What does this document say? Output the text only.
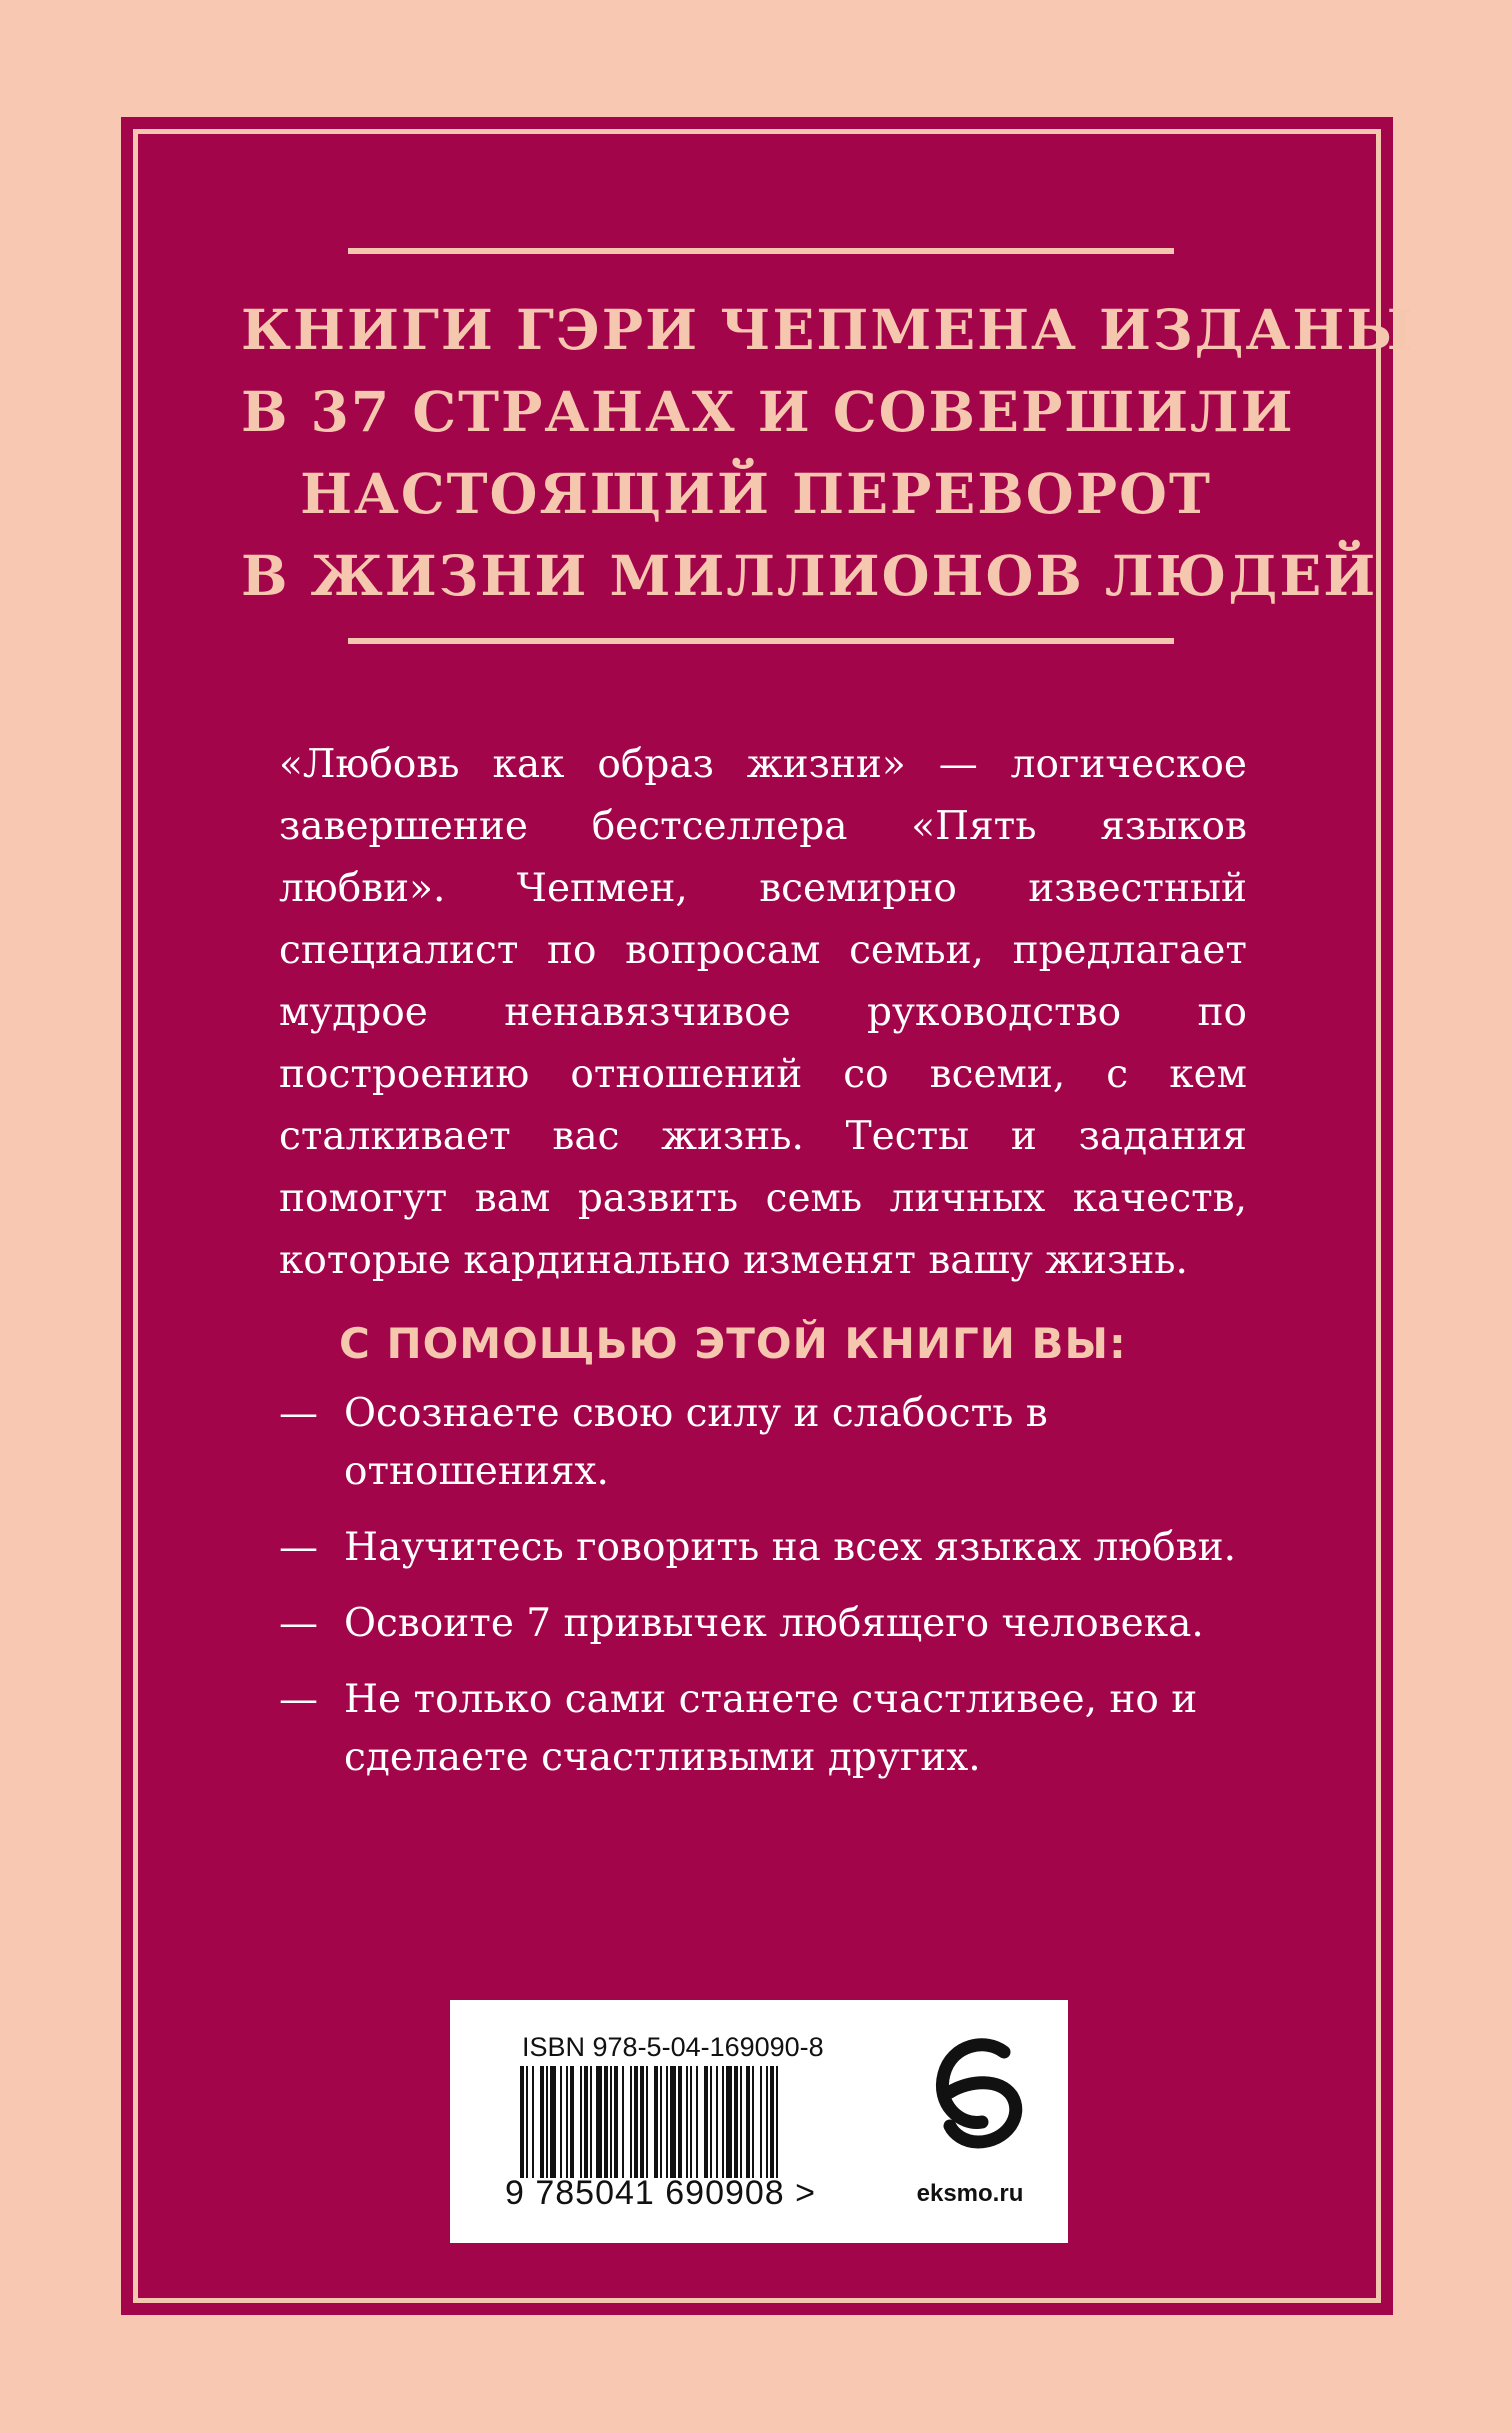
КНИГИ ГЭРИ ЧЕПМЕНА ИЗДАНЫ
В 37 СТРАНАХ И СОВЕРШИЛИ
НАСТОЯЩИЙ ПЕРЕВОРОТ
В ЖИЗНИ МИЛЛИОНОВ ЛЮДЕЙ

«Любовь как образ жизни» — логическое завершение бестселлера «Пять языков любви». Чепмен, всемирно известный специалист по вопросам семьи, предлагает мудрое ненавязчивое руководство по построению отношений со всеми, с кем сталкивает вас жизнь. Тесты и задания помогут вам развить семь личных качеств, которые кардинально изменят вашу жизнь.

С ПОМОЩЬЮ ЭТОЙ КНИГИ ВЫ:
— Осознаете свою силу и слабость в отношениях.
— Научитесь говорить на всех языках любви.
— Освоите 7 привычек любящего человека.
— Не только сами станете счастливее, но и сделаете счастливыми других.
ISBN 978-5-04-169090-8
9 785041 690908 >	eksmo.ru
